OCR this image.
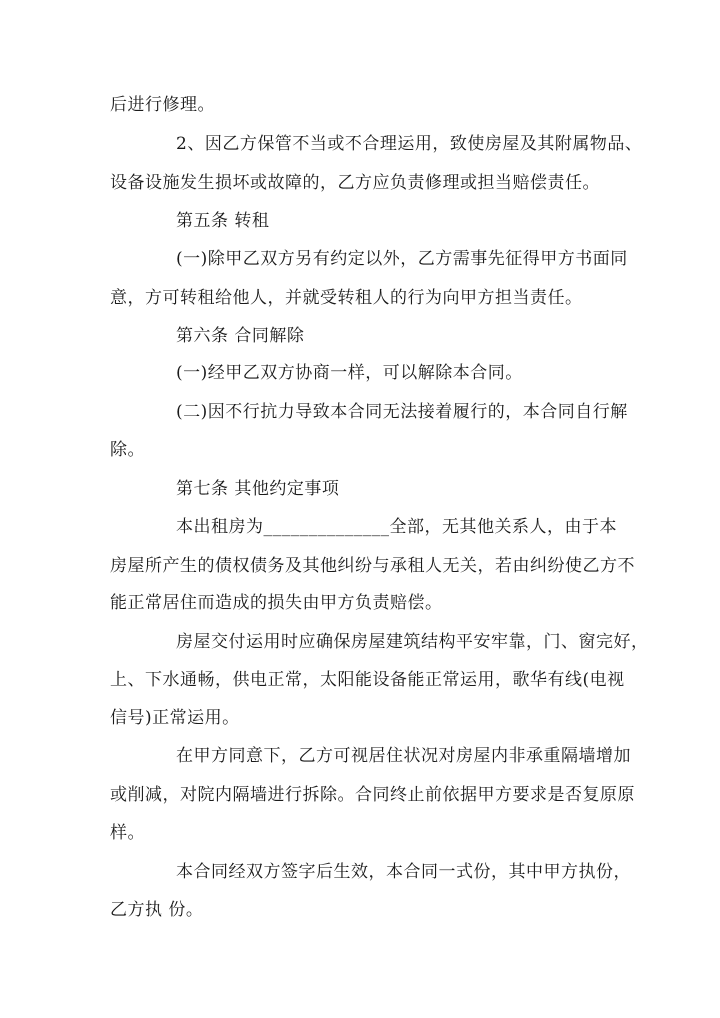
后进行修理。
2、因乙方保管不当或不合理运用，致使房屋及其附属物品、
设备设施发生损坏或故障的，乙方应负责修理或担当赔偿责任。
第五条 转租
(一)除甲乙双方另有约定以外，乙方需事先征得甲方书面同
意，方可转租给他人，并就受转租人的行为向甲方担当责任。
第六条 合同解除
(一)经甲乙双方协商一样，可以解除本合同。
(二)因不行抗力导致本合同无法接着履行的，本合同自行解
除。
第七条 其他约定事项
本出租房为______________全部，无其他关系人，由于本
房屋所产生的债权债务及其他纠纷与承租人无关，若由纠纷使乙方不
能正常居住而造成的损失由甲方负责赔偿。
房屋交付运用时应确保房屋建筑结构平安牢靠，门、窗完好，
上、下水通畅，供电正常，太阳能设备能正常运用，歌华有线(电视
信号)正常运用。
在甲方同意下，乙方可视居住状况对房屋内非承重隔墙增加
或削减，对院内隔墙进行拆除。合同终止前依据甲方要求是否复原原
样。
本合同经双方签字后生效，本合同一式份，其中甲方执份，
乙方执 份。
